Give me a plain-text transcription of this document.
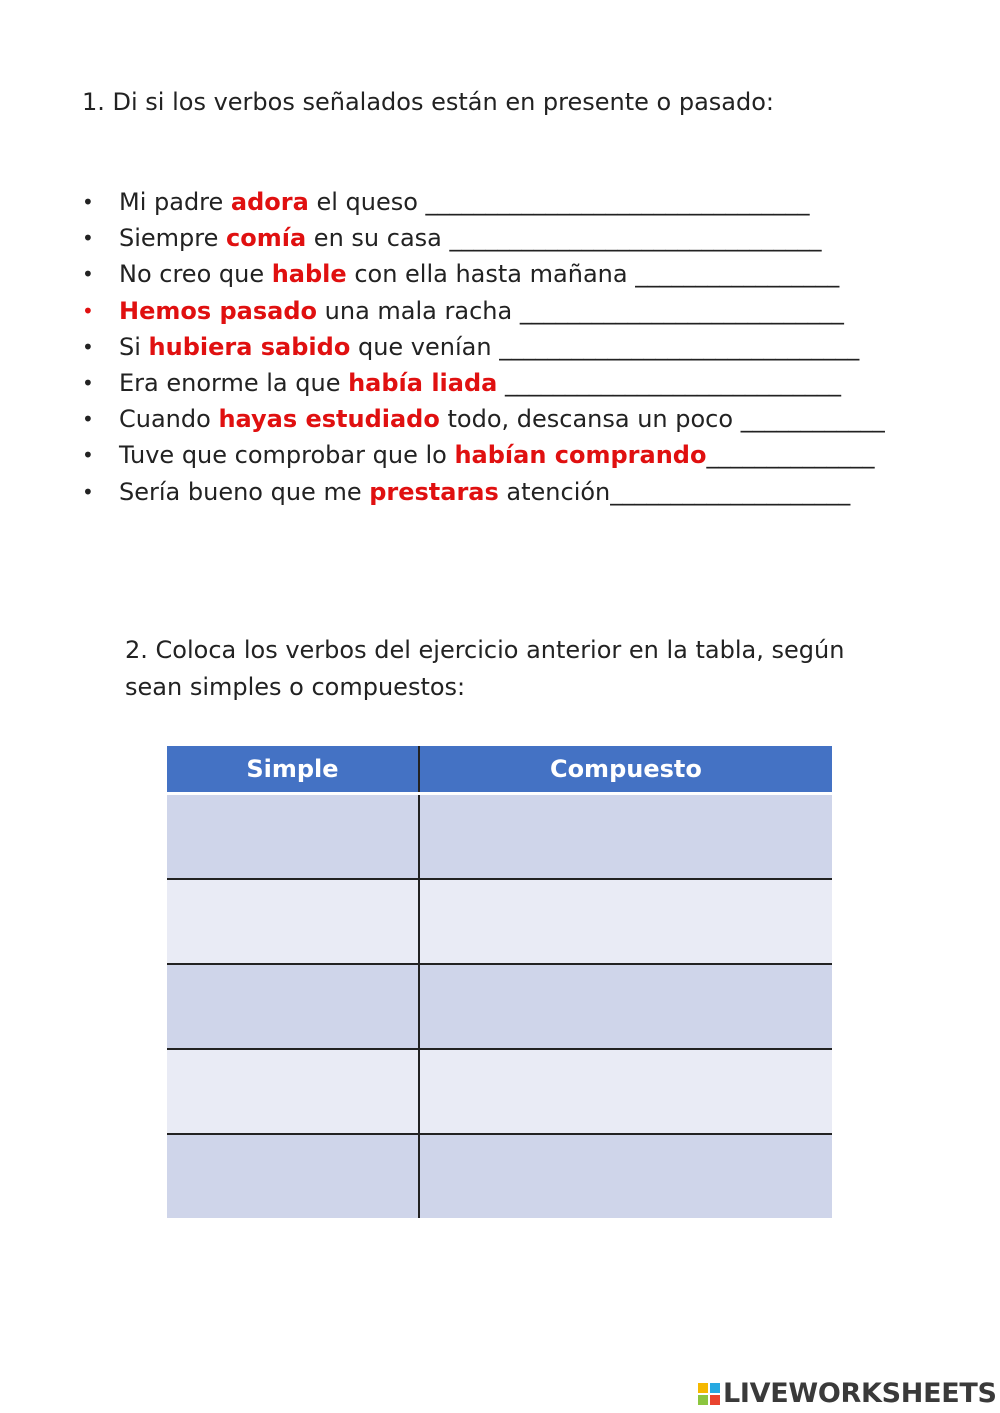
1. Di si los verbos señalados están en presente o pasado:

• Mi padre adora el queso ________________________________
• Siempre comía en su casa _______________________________
• No creo que hable con ella hasta mañana _________________
• Hemos pasado una mala racha ___________________________
• Si hubiera sabido que venían ______________________________
• Era enorme la que había liada ____________________________
• Cuando hayas estudiado todo, descansa un poco ____________
• Tuve que comprobar que lo habían comprando______________
• Sería bueno que me prestaras atención____________________

2. Coloca los verbos del ejercicio anterior en la tabla, según sean simples o compuestos:

Simple	Compuesto

LIVEWORKSHEETS
